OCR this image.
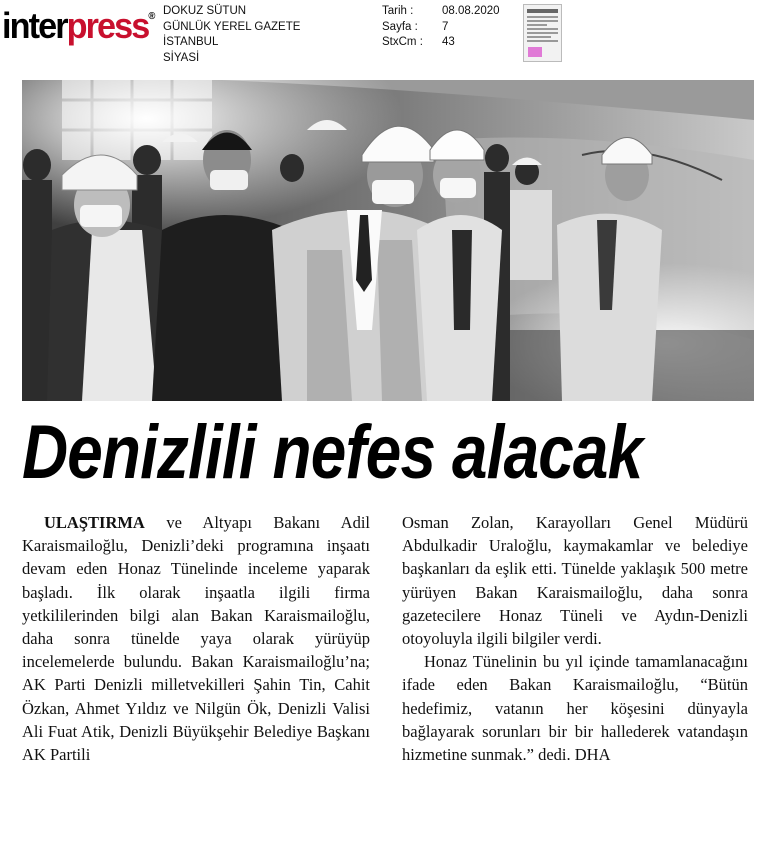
interpress® DOKUZ SÜTUN
GÜNLÜK YEREL GAZETE
İSTANBUL
SİYASİ
Tarih :	08.08.2020
Sayfa :	7
StxCm :	43
Denizlili nefes alacak

ULAŞTIRMA ve Altyapı Bakanı Adil Karaismailoğlu, Denizli’deki programına inşaatı devam eden Honaz Tünelinde inceleme yaparak başladı. İlk olarak inşaatla ilgili firma yetkililerinden bilgi alan Bakan Karaismailoğlu, daha sonra tünelde yaya olarak yürüyüp incelemelerde bulundu. Bakan Karaismailoğlu’na; AK Parti Denizli milletvekilleri Şahin Tin, Cahit Özkan, Ahmet Yıldız ve Nilgün Ök, Denizli Valisi Ali Fuat Atik, Denizli Büyükşehir Belediye Başkanı AK Partili

Osman Zolan, Karayolları Genel Müdürü Abdulkadir Uraloğlu, kaymakamlar ve belediye başkanları da eşlik etti. Tünelde yaklaşık 500 metre yürüyen Bakan Karaismailoğlu, daha sonra gazetecilere Honaz Tüneli ve Aydın-Denizli otoyoluyla ilgili bilgiler verdi.

Honaz Tünelinin bu yıl içinde tamamlanacağını ifade eden Bakan Karaismailoğlu, “Bütün hedefimiz, vatanın her köşesini dünyayla bağlayarak sorunları bir bir hallederek vatandaşın hizmetine sunmak.” dedi. DHA
